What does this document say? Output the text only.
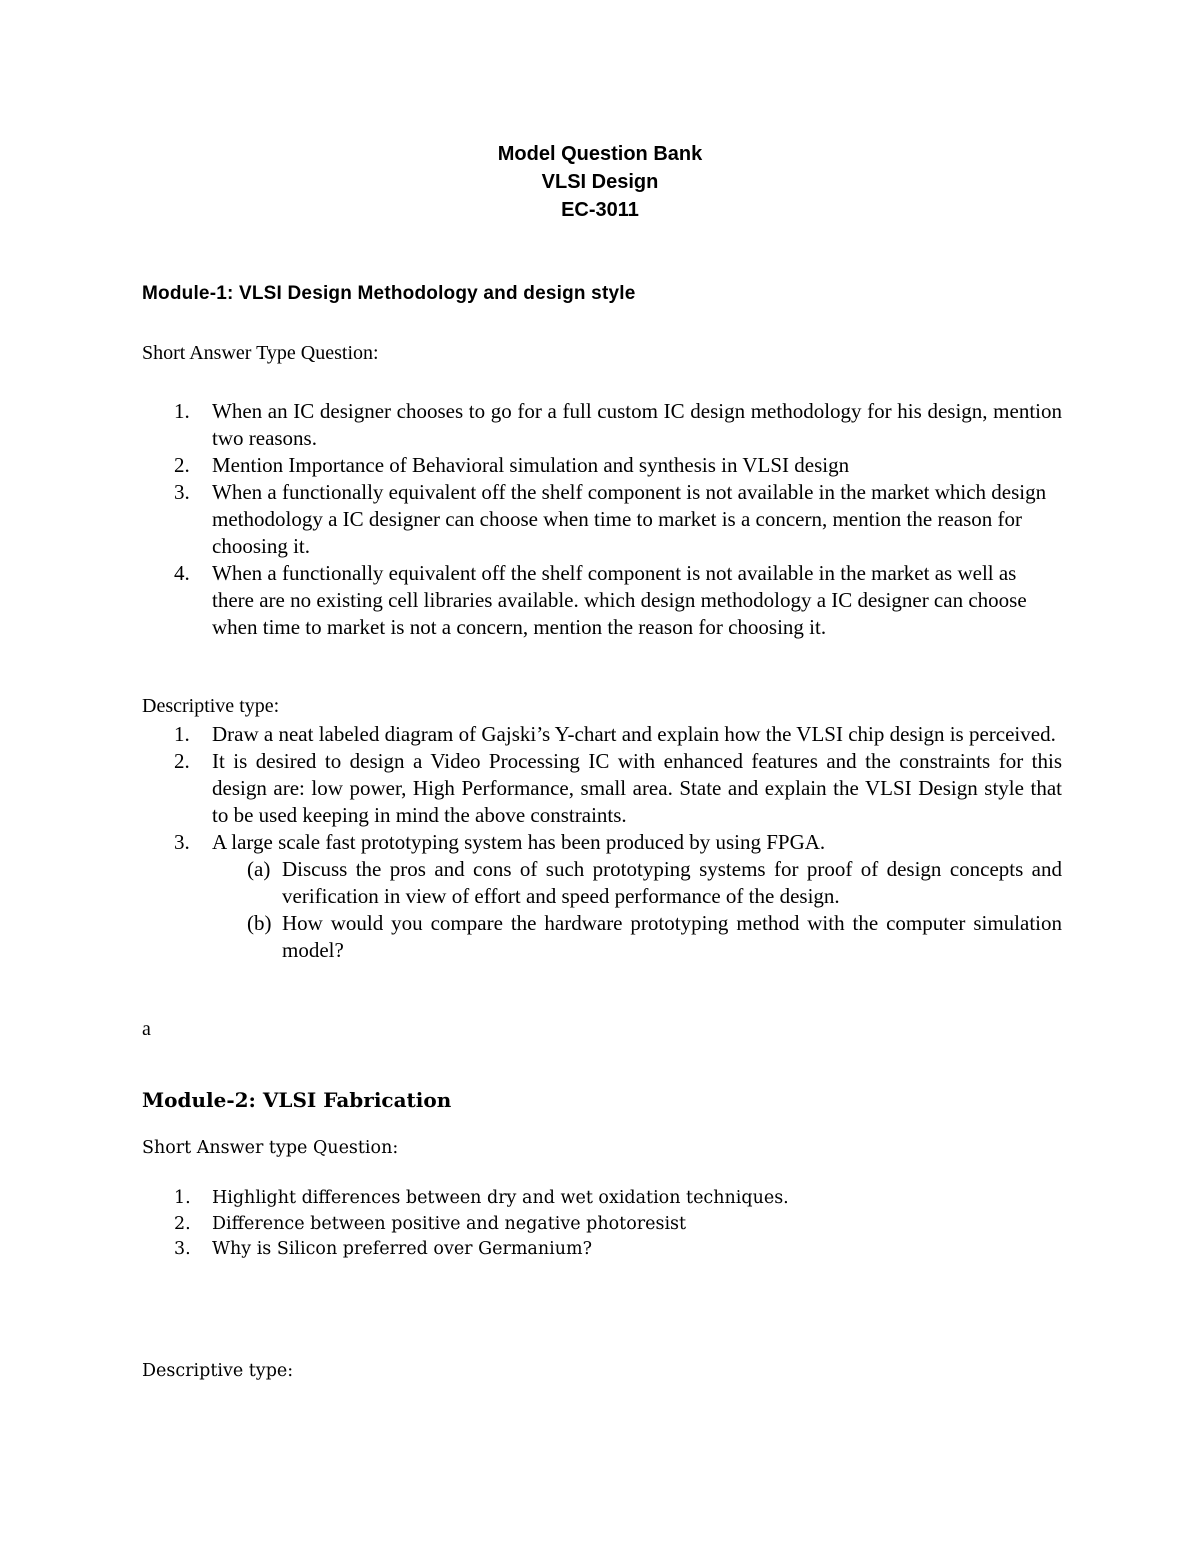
Model Question Bank
VLSI Design
EC-3011
Module-1: VLSI Design Methodology and design style
Short Answer Type Question:
1. When an IC designer chooses to go for a full custom IC design methodology for his design, mention two reasons.
2. Mention Importance of Behavioral simulation and synthesis in VLSI design
3. When a functionally equivalent off the shelf component is not available in the market which design methodology a IC designer can choose when time to market is a concern, mention the reason for choosing it.
4. When a functionally equivalent off the shelf component is not available in the market as well as there are no existing cell libraries available. which design methodology a IC designer can choose when time to market is not a concern, mention the reason for choosing it.
Descriptive type:
1. Draw a neat labeled diagram of Gajski’s Y-chart and explain how the VLSI chip design is perceived.
2. It is desired to design a Video Processing IC with enhanced features and the constraints for this design are: low power, High Performance, small area. State and explain the VLSI Design style that to be used keeping in mind the above constraints.
3. A large scale fast prototyping system has been produced by using FPGA.
(a) Discuss the pros and cons of such prototyping systems for proof of design concepts and verification in view of effort and speed performance of the design.
(b) How would you compare the hardware prototyping method with the computer simulation model?
a
Module-2: VLSI Fabrication
Short Answer type Question:
1. Highlight differences between dry and wet oxidation techniques.
2. Difference between positive and negative photoresist
3. Why is Silicon preferred over Germanium?
Descriptive type:
